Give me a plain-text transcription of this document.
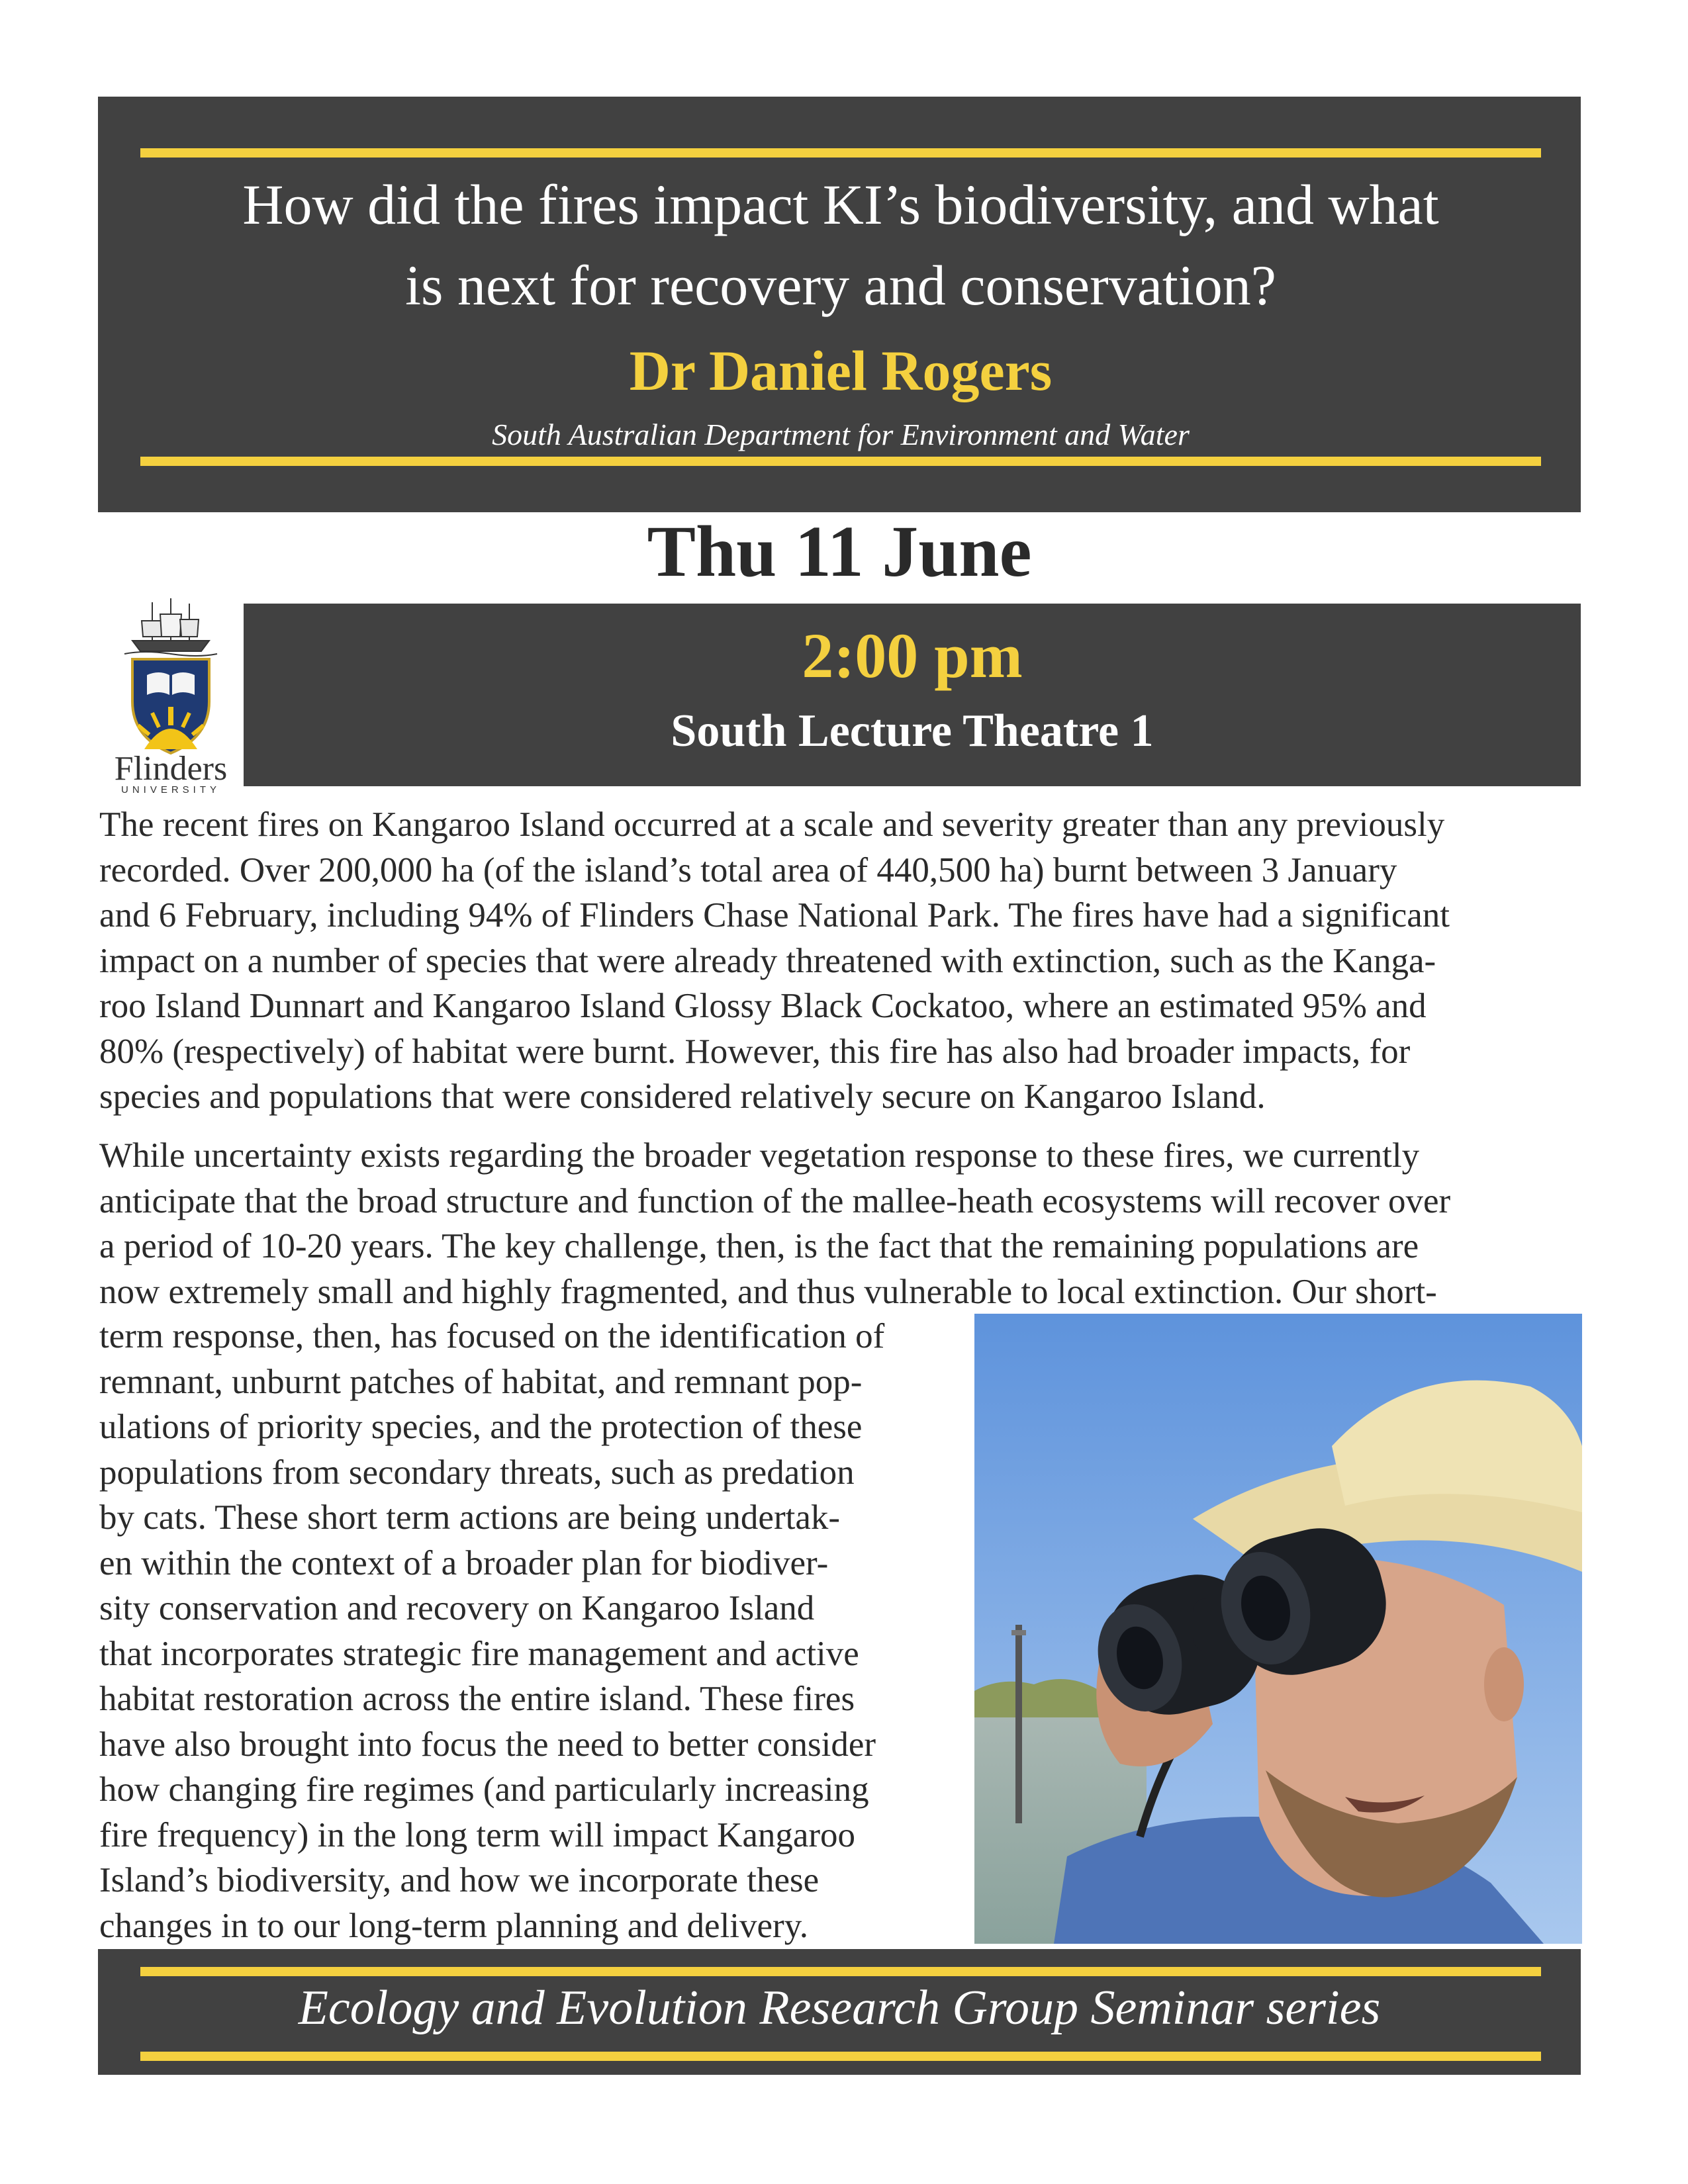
How did the fires impact KI’s biodiversity, and what
is next for recovery and conservation?
Dr Daniel Rogers
South Australian Department for Environment and Water
Thu 11 June
Flinders
UNIVERSITY
2:00 pm
South Lecture Theatre 1
The recent fires on Kangaroo Island occurred at a scale and severity greater than any previously
recorded. Over 200,000 ha (of the island’s total area of 440,500 ha) burnt between 3 January
and 6 February, including 94% of Flinders Chase National Park. The fires have had a significant
impact on a number of species that were already threatened with extinction, such as the Kanga-
roo Island Dunnart and Kangaroo Island Glossy Black Cockatoo, where an estimated 95% and
80% (respectively) of habitat were burnt. However, this fire has also had broader impacts, for
species and populations that were considered relatively secure on Kangaroo Island.
While uncertainty exists regarding the broader vegetation response to these fires, we currently
anticipate that the broad structure and function of the mallee-heath ecosystems will recover over
a period of 10-20 years. The key challenge, then, is the fact that the remaining populations are
now extremely small and highly fragmented, and thus vulnerable to local extinction. Our short-
term response, then, has focused on the identification of
remnant, unburnt patches of habitat, and remnant pop-
ulations of priority species, and the protection of these
populations from secondary threats, such as predation
by cats. These short term actions are being undertak-
en within the context of a broader plan for biodiver-
sity conservation and recovery on Kangaroo Island
that incorporates strategic fire management and active
habitat restoration across the entire island. These fires
have also brought into focus the need to better consider
how changing fire regimes (and particularly increasing
fire frequency) in the long term will impact Kangaroo
Island’s biodiversity, and how we incorporate these
changes in to our long-term planning and delivery.
Ecology and Evolution Research Group Seminar series
